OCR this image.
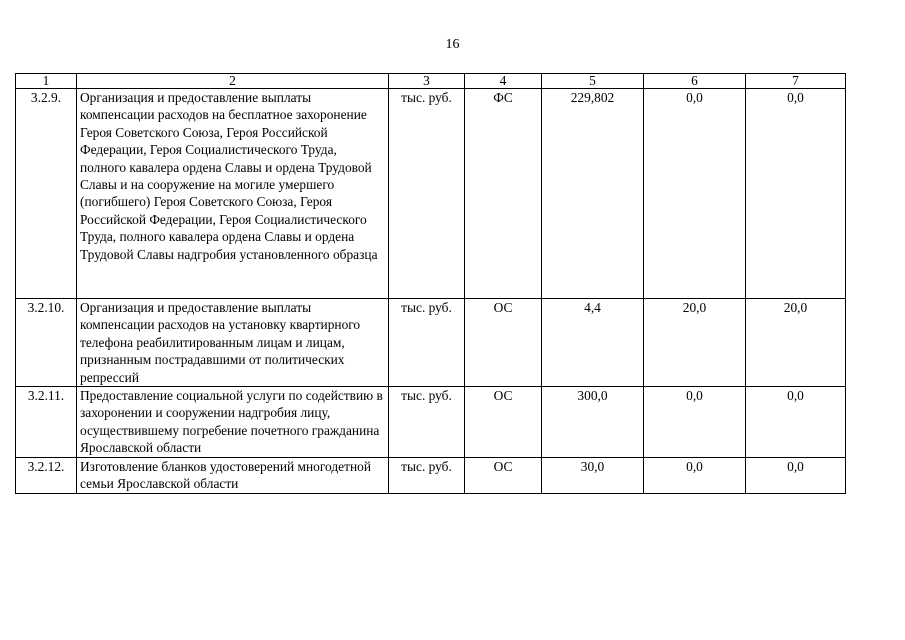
16
1	2	3	4	5	6	7
3.2.9.	Организация и предоставление выплаты компенсации расходов на бесплатное захоронение Героя Советского Союза, Героя Российской Федерации, Героя Социалистического Труда, полного кавалера ордена Славы и ордена Трудовой Славы и на сооружение на могиле умершего (погибшего) Героя Советского Союза, Героя Российской Федерации, Героя Социалистического Труда, полного кавалера ордена Славы и ордена Трудовой Славы надгробия установленного образца	тыс. руб.	ФС	229,802	0,0	0,0
3.2.10.	Организация и предоставление выплаты компенсации расходов на установку квартирного телефона реабилитированным лицам и лицам, признанным пострадавшими от политических репрессий	тыс. руб.	ОС	4,4	20,0	20,0
3.2.11.	Предоставление социальной услуги по содействию в захоронении и сооружении надгробия лицу, осуществившему погребение почетного гражданина Ярославской области	тыс. руб.	ОС	300,0	0,0	0,0
3.2.12.	Изготовление бланков удостоверений многодетной семьи Ярославской области	тыс. руб.	ОС	30,0	0,0	0,0
